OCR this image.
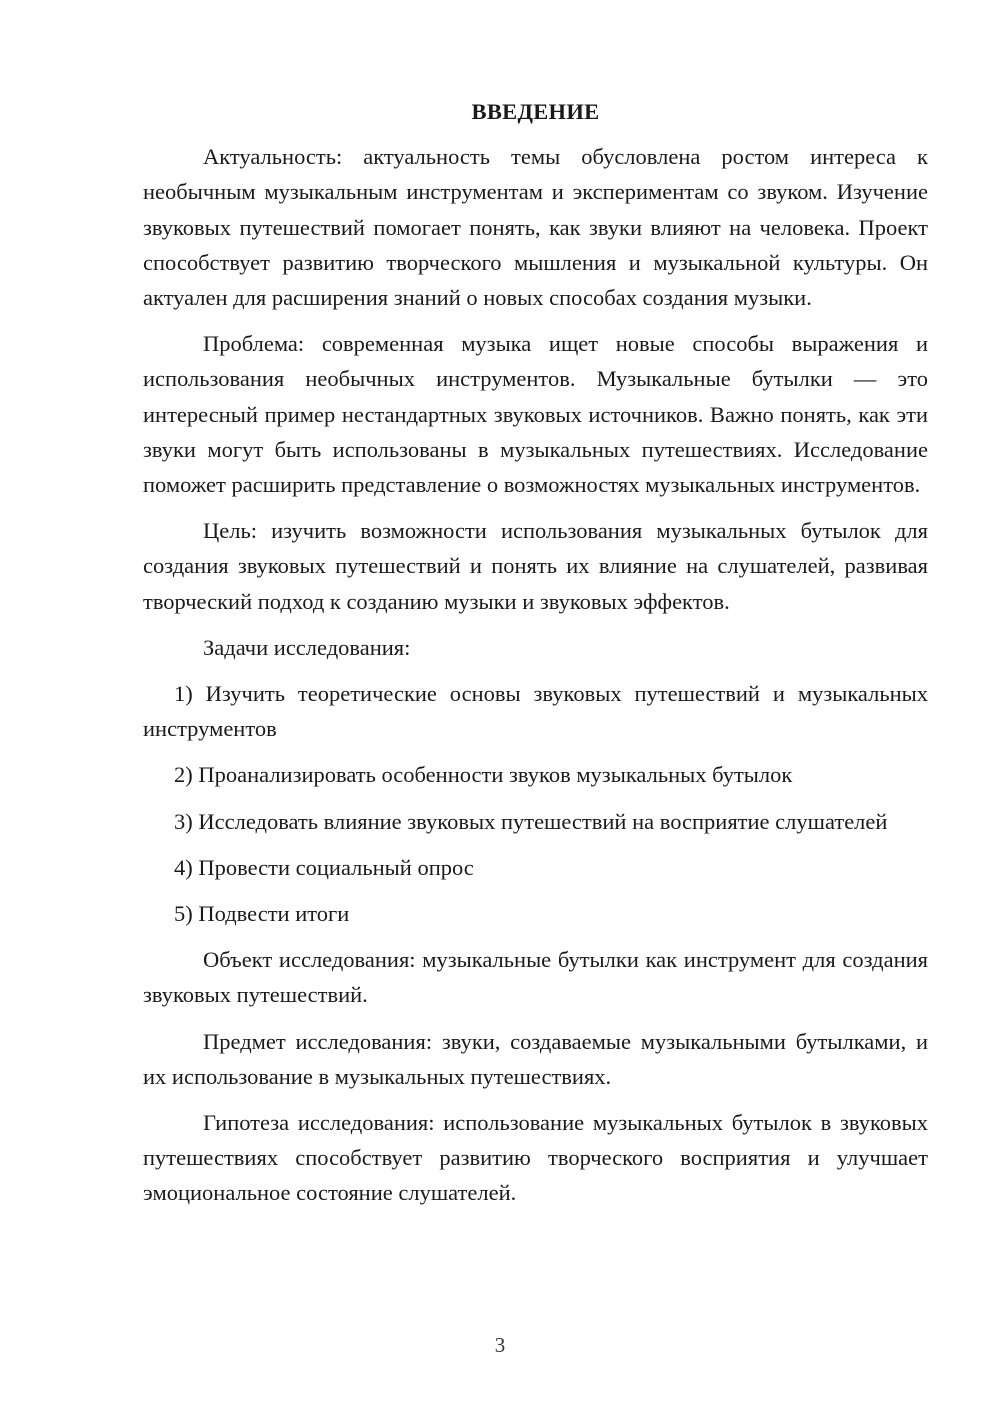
ВВЕДЕНИЕ

Актуальность: актуальность темы обусловлена ростом интереса к необычным музыкальным инструментам и экспериментам со звуком. Изучение звуковых путешествий помогает понять, как звуки влияют на человека. Проект способствует развитию творческого мышления и музыкальной культуры. Он актуален для расширения знаний о новых способах создания музыки.

Проблема: современная музыка ищет новые способы выражения и использования необычных инструментов. Музыкальные бутылки — это интересный пример нестандартных звуковых источников. Важно понять, как эти звуки могут быть использованы в музыкальных путешествиях. Исследование поможет расширить представление о возможностях музыкальных инструментов.

Цель: изучить возможности использования музыкальных бутылок для создания звуковых путешествий и понять их влияние на слушателей, развивая творческий подход к созданию музыки и звуковых эффектов.

Задачи исследования:

1) Изучить теоретические основы звуковых путешествий и музыкальных инструментов

2) Проанализировать особенности звуков музыкальных бутылок

3) Исследовать влияние звуковых путешествий на восприятие слушателей

4) Провести социальный опрос

5) Подвести итоги

Объект исследования: музыкальные бутылки как инструмент для создания звуковых путешествий.

Предмет исследования: звуки, создаваемые музыкальными бутылками, и их использование в музыкальных путешествиях.

Гипотеза исследования: использование музыкальных бутылок в звуковых путешествиях способствует развитию творческого восприятия и улучшает эмоциональное состояние слушателей.

3
